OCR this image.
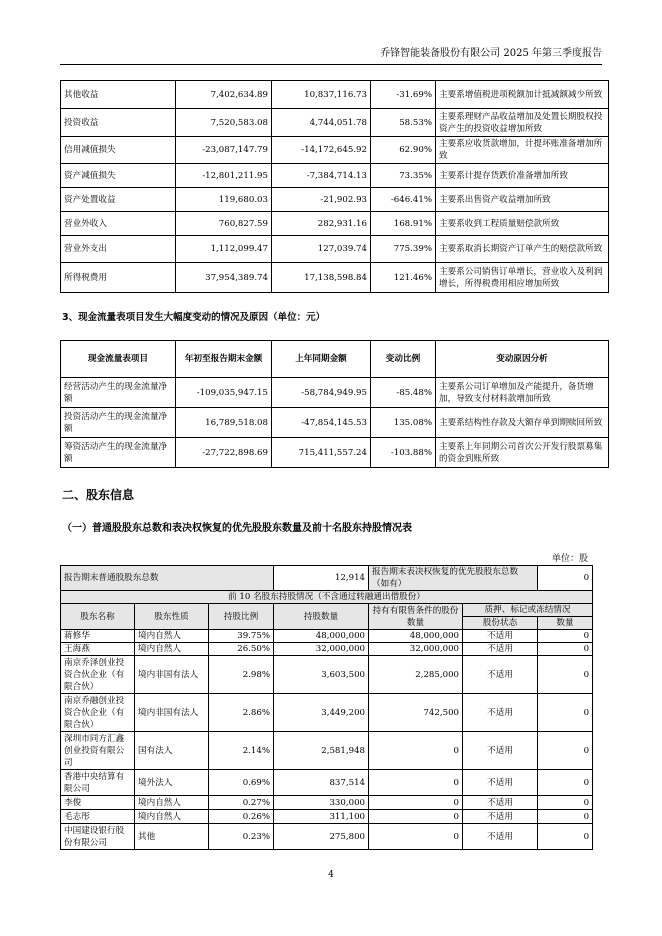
乔锋智能装备股份有限公司 2025 年第三季度报告
其他收益	7,402,634.89	10,837,116.73	-31.69%	主要系增值税进项税额加计抵减额减少所致
投资收益	7,520,583.08	4,744,051.78	58.53%	主要系理财产品收益增加及处置长期股权投资产生的投资收益增加所致
信用减值损失	-23,087,147.79	-14,172,645.92	62.90%	主要系应收货款增加，计提坏账准备增加所致
资产减值损失	-12,801,211.95	-7,384,714.13	73.35%	主要系计提存货跌价准备增加所致
资产处置收益	119,680.03	-21,902.93	-646.41%	主要系出售资产收益增加所致
营业外收入	760,827.59	282,931.16	168.91%	主要系收到工程质量赔偿款所致
营业外支出	1,112,099.47	127,039.74	775.39%	主要系取消长期资产订单产生的赔偿款所致
所得税费用	37,954,389.74	17,138,598.84	121.46%	主要系公司销售订单增长，营业收入及利润增长，所得税费用相应增加所致
3、现金流量表项目发生大幅度变动的情况及原因（单位：元）
现金流量表项目	年初至报告期末金额	上年同期金额	变动比例	变动原因分析
经营活动产生的现金流量净额	-109,035,947.15	-58,784,949.95	-85.48%	主要系公司订单增加及产能提升，备货增加，导致支付材料款增加所致
投资活动产生的现金流量净额	16,789,518.08	-47,854,145.53	135.08%	主要系结构性存款及大额存单到期赎回所致
筹资活动产生的现金流量净额	-27,722,898.69	715,411,557.24	-103.88%	主要系上年同期公司首次公开发行股票募集的资金到账所致
二、股东信息
（一）普通股股东总数和表决权恢复的优先股股东数量及前十名股东持股情况表
单位：股
报告期末普通股股东总数			12,914	报告期末表决权恢复的优先股股东总数（如有）		0
前 10 名股东持股情况（不含通过转融通出借股份）						
股东名称	股东性质	持股比例	持股数量	持有有限售条件的股份数量	质押、标记或冻结情况	
					股份状态	数量
蒋修华	境内自然人	39.75%	48,000,000	48,000,000	不适用	0
王海燕	境内自然人	26.50%	32,000,000	32,000,000	不适用	0
南京乔泽创业投资合伙企业（有限合伙）	境内非国有法人	2.98%	3,603,500	2,285,000	不适用	0
南京乔融创业投资合伙企业（有限合伙）	境内非国有法人	2.86%	3,449,200	742,500	不适用	0
深圳市同方汇鑫创业投资有限公司	国有法人	2.14%	2,581,948	0	不适用	0
香港中央结算有限公司	境外法人	0.69%	837,514	0	不适用	0
李俊	境内自然人	0.27%	330,000	0	不适用	0
毛志彤	境内自然人	0.26%	311,100	0	不适用	0
中国建设银行股份有限公司	其他	0.23%	275,800	0	不适用	0
4
